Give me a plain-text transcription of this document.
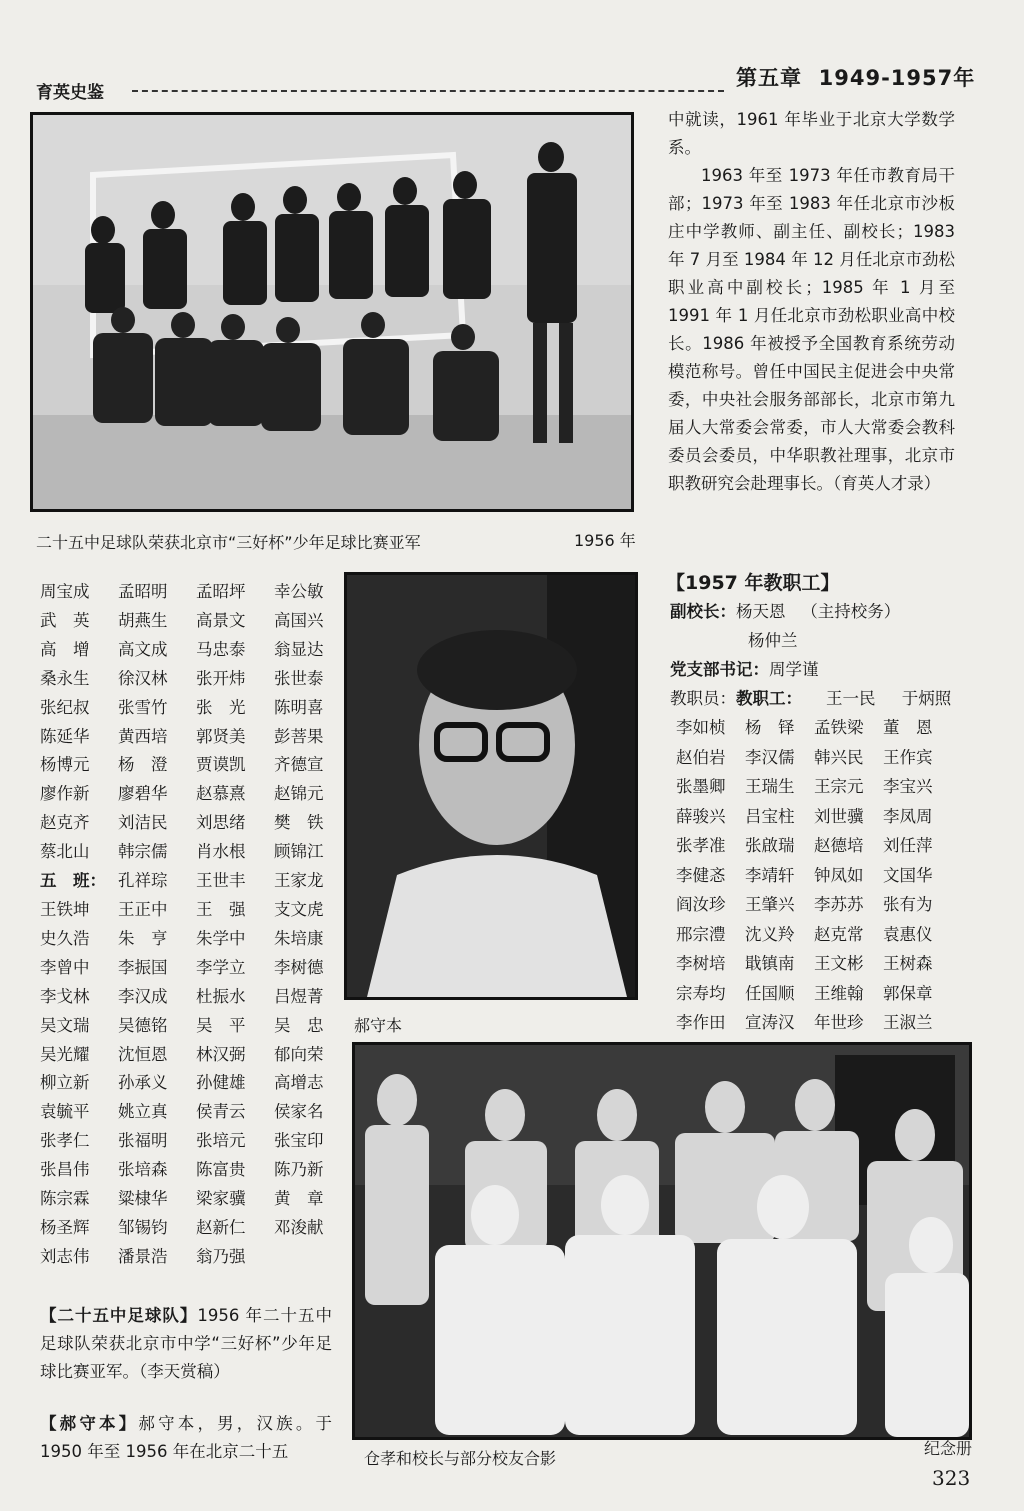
育英史鉴
第五章 1949-1957年
二十五中足球队荣获北京市“三好杯”少年足球比赛亚军	1956 年

中就读，1961 年毕业于北京大学数学系。

1963 年至 1973 年任市教育局干部；1973 年至 1983 年任北京市沙板庄中学教师、副主任、副校长；1983 年 7 月至 1984 年 12 月任北京市劲松职业高中副校长；1985 年 1 月至 1991 年 1 月任北京市劲松职业高中校长。1986 年被授予全国教育系统劳动模范称号。曾任中国民主促进会中央常委，中央社会服务部部长，北京市第九届人大常委会常委，市人大常委会教科委员会委员，中华职教社理事，北京市职教研究会赴理事长。（育英人才录）

周宝成	孟昭明	孟昭坪	幸公敏
武　英	胡燕生	高景文	高国兴
高　增	高文成	马忠泰	翁显达
桑永生	徐汉林	张开炜	张世泰
张纪叔	张雪竹	张　光	陈明喜
陈延华	黄西培	郭贤美	彭菩果
杨博元	杨　澄	贾谟凯	齐德宣
廖作新	廖碧华	赵慕熹	赵锦元
赵克齐	刘洁民	刘思绪	樊　铁
蔡北山	韩宗儒	肖水根	顾锦江
五　班： 孔祥琮	王世丰	王家龙
王铁坤	王正中	王　强	支文虎
史久浩	朱　亨	朱学中	朱培康
李曾中	李振国	李学立	李树德
李戈林	李汉成	杜振水	吕煜菁
吴文瑞	吴德铭	吴　平	吴　忠
吴光耀	沈恒恩	林汉弼	郁向荣
柳立新	孙承义	孙健雄	高增志
袁毓平	姚立真	侯青云	侯家名
张孝仁	张福明	张培元	张宝印
张昌伟	张培森	陈富贵	陈乃新
陈宗霖	粱棣华	梁家骥	黄　章
杨圣辉	邹锡钧	赵新仁	邓浚献
刘志伟	潘景浩	翁乃强
郝守本
【1957 年教职工】
副校长：杨天恩 （主持校务）
杨仲兰
党支部书记：周学谨
教职员：教职工： 王一民 于炳照
李如桢	杨　铎	孟铁梁	董　恩
赵伯岩	李汉儒	韩兴民	王作宾
张墨卿	王瑞生	王宗元	李宝兴
薛骏兴	吕宝柱	刘世骥	李凤周
张孝准	张啟瑞	赵德培	刘任萍
李健忞	李靖轩	钟凤如	文国华
阎汝珍	王肇兴	李苏苏	张有为
邢宗澧	沈义羚	赵克常	袁惠仪
李树培	戢镇南	王文彬	王树森
宗寿均	任国顺	王维翰	郭保章
李作田	宣涛汉	年世珍	王淑兰
仓孝和校长与部分校友合影
【二十五中足球队】1956 年二十五中足球队荣获北京市中学“三好杯”少年足球比赛亚军。（李天赏稿）
【郝守本】郝守本，男，汉族。于 1950 年至 1956 年在北京二十五	纪念册
323
